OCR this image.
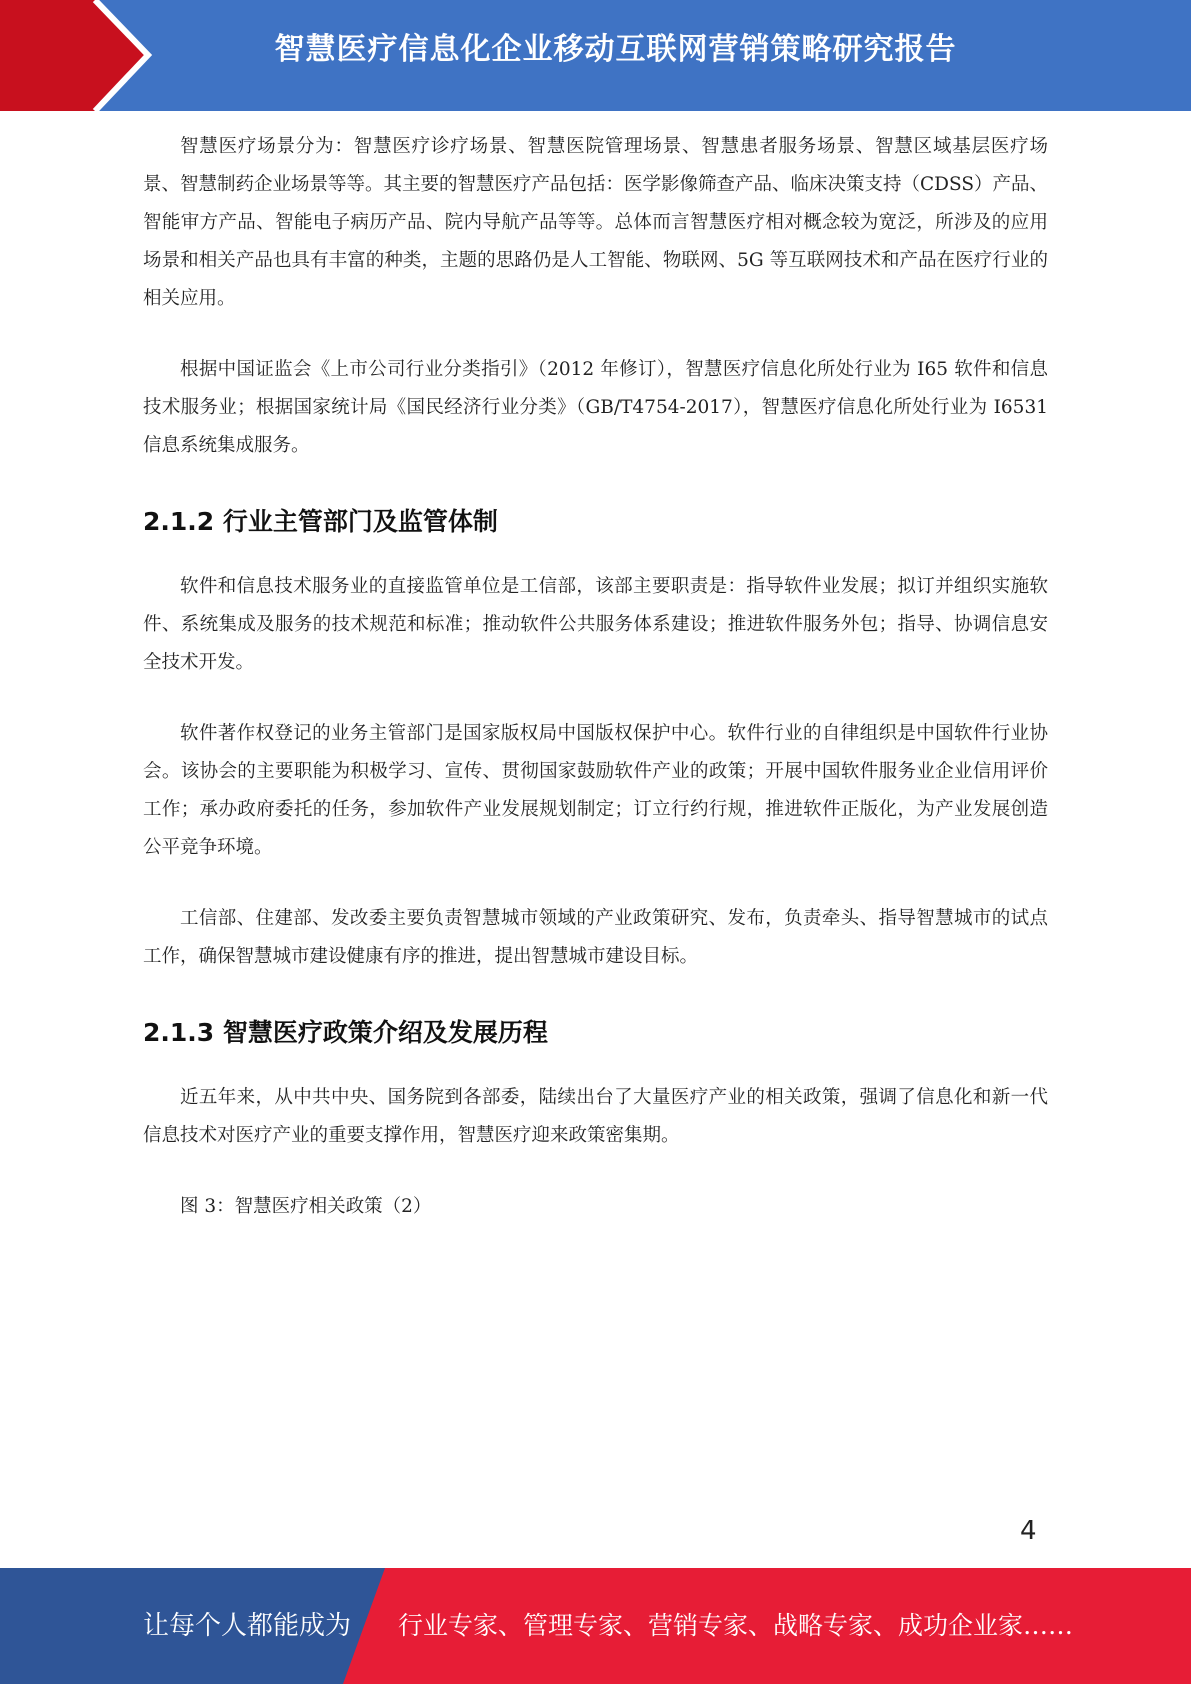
智慧医疗信息化企业移动互联网营销策略研究报告

智慧医疗场景分为：智慧医疗诊疗场景、智慧医院管理场景、智慧患者服务场景、智慧区域基层医疗场景、智慧制药企业场景等等。其主要的智慧医疗产品包括：医学影像筛查产品、临床决策支持（CDSS）产品、智能审方产品、智能电子病历产品、院内导航产品等等。总体而言智慧医疗相对概念较为宽泛，所涉及的应用场景和相关产品也具有丰富的种类，主题的思路仍是人工智能、物联网、5G 等互联网技术和产品在医疗行业的相关应用。

根据中国证监会《上市公司行业分类指引》（2012 年修订），智慧医疗信息化所处行业为 I65 软件和信息技术服务业；根据国家统计局《国民经济行业分类》（GB/T4754-2017），智慧医疗信息化所处行业为 I6531 信息系统集成服务。

2.1.2 行业主管部门及监管体制

软件和信息技术服务业的直接监管单位是工信部，该部主要职责是：指导软件业发展；拟订并组织实施软件、系统集成及服务的技术规范和标准；推动软件公共服务体系建设；推进软件服务外包；指导、协调信息安全技术开发。

软件著作权登记的业务主管部门是国家版权局中国版权保护中心。软件行业的自律组织是中国软件行业协会。该协会的主要职能为积极学习、宣传、贯彻国家鼓励软件产业的政策；开展中国软件服务业企业信用评价工作；承办政府委托的任务，参加软件产业发展规划制定；订立行约行规，推进软件正版化，为产业发展创造公平竞争环境。

工信部、住建部、发改委主要负责智慧城市领域的产业政策研究、发布，负责牵头、指导智慧城市的试点工作，确保智慧城市建设健康有序的推进，提出智慧城市建设目标。

2.1.3 智慧医疗政策介绍及发展历程

近五年来，从中共中央、国务院到各部委，陆续出台了大量医疗产业的相关政策，强调了信息化和新一代信息技术对医疗产业的重要支撑作用，智慧医疗迎来政策密集期。

图 3：智慧医疗相关政策（2）

4
让每个人都能成为 行业专家、管理专家、营销专家、战略专家、成功企业家……
